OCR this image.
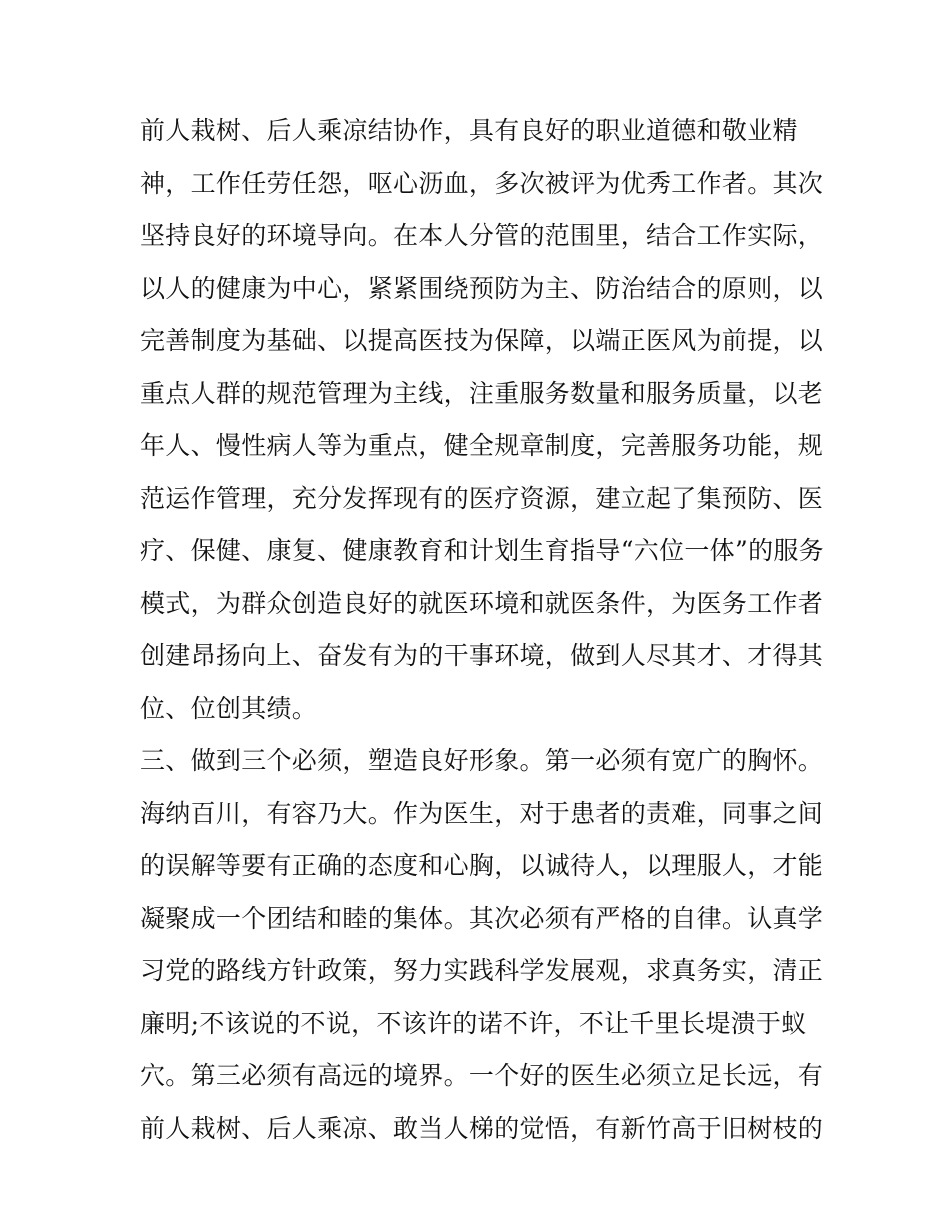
前人栽树、后人乘凉结协作，具有良好的职业道德和敬业精
神，工作任劳任怨，呕心沥血，多次被评为优秀工作者。其次
坚持良好的环境导向。在本人分管的范围里，结合工作实际，
以人的健康为中心，紧紧围绕预防为主、防治结合的原则，以
完善制度为基础、以提高医技为保障，以端正医风为前提，以
重点人群的规范管理为主线，注重服务数量和服务质量，以老
年人、慢性病人等为重点，健全规章制度，完善服务功能，规
范运作管理，充分发挥现有的医疗资源，建立起了集预防、医
疗、保健、康复、健康教育和计划生育指导“六位一体”的服务
模式，为群众创造良好的就医环境和就医条件，为医务工作者
创建昂扬向上、奋发有为的干事环境，做到人尽其才、才得其
位、位创其绩。
三、做到三个必须，塑造良好形象。第一必须有宽广的胸怀。
海纳百川，有容乃大。作为医生，对于患者的责难，同事之间
的误解等要有正确的态度和心胸，以诚待人，以理服人，才能
凝聚成一个团结和睦的集体。其次必须有严格的自律。认真学
习党的路线方针政策，努力实践科学发展观，求真务实，清正
廉明;不该说的不说，不该许的诺不许，不让千里长堤溃于蚁
穴。第三必须有高远的境界。一个好的医生必须立足长远，有
前人栽树、后人乘凉、敢当人梯的觉悟，有新竹高于旧树枝的
